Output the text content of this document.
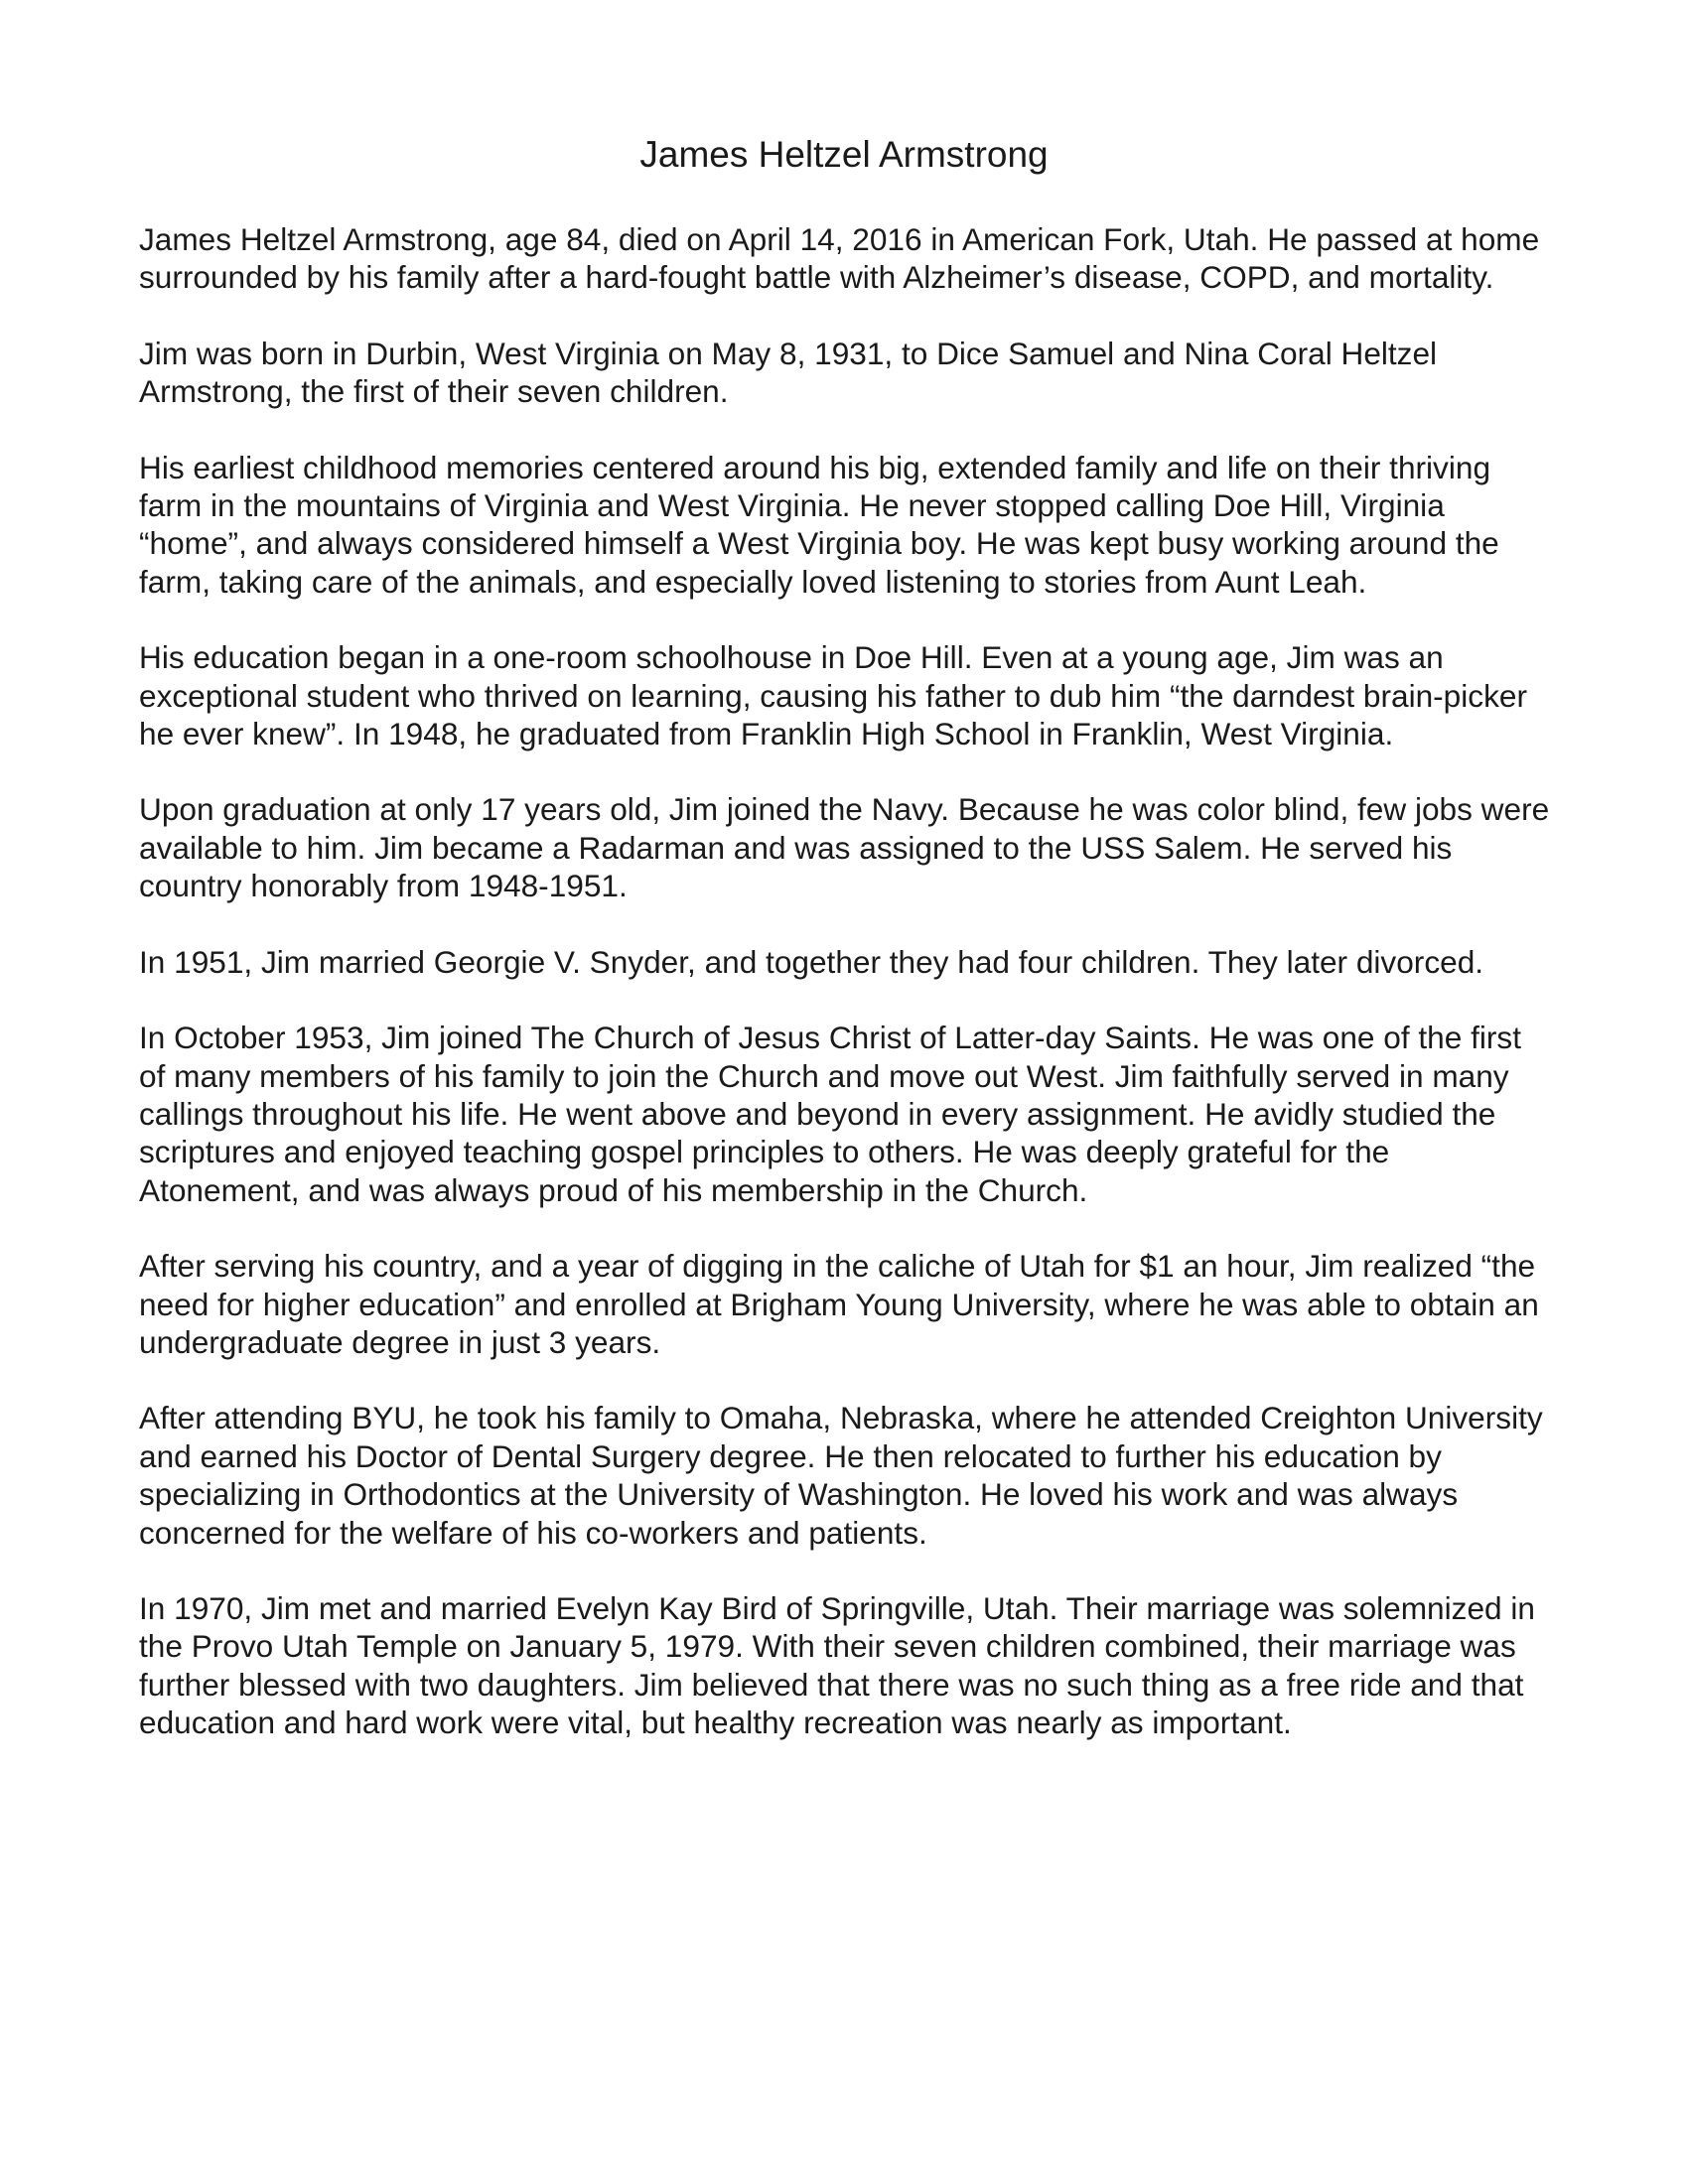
James Heltzel Armstrong

James Heltzel Armstrong, age 84, died on April 14, 2016 in American Fork, Utah. He passed at home surrounded by his family after a hard-fought battle with Alzheimer’s disease, COPD, and mortality.

Jim was born in Durbin, West Virginia on May 8, 1931, to Dice Samuel and Nina Coral Heltzel Armstrong, the first of their seven children.

His earliest childhood memories centered around his big, extended family and life on their thriving farm in the mountains of Virginia and West Virginia. He never stopped calling Doe Hill, Virginia “home”, and always considered himself a West Virginia boy. He was kept busy working around the farm, taking care of the animals, and especially loved listening to stories from Aunt Leah.

His education began in a one-room schoolhouse in Doe Hill. Even at a young age, Jim was an exceptional student who thrived on learning, causing his father to dub him “the darndest brain-picker he ever knew”. In 1948, he graduated from Franklin High School in Franklin, West Virginia.

Upon graduation at only 17 years old, Jim joined the Navy. Because he was color blind, few jobs were available to him. Jim became a Radarman and was assigned to the USS Salem. He served his country honorably from 1948-1951.

In 1951, Jim married Georgie V. Snyder, and together they had four children. They later divorced.

In October 1953, Jim joined The Church of Jesus Christ of Latter-day Saints. He was one of the first of many members of his family to join the Church and move out West. Jim faithfully served in many callings throughout his life. He went above and beyond in every assignment. He avidly studied the scriptures and enjoyed teaching gospel principles to others. He was deeply grateful for the Atonement, and was always proud of his membership in the Church.

After serving his country, and a year of digging in the caliche of Utah for $1 an hour, Jim realized “the need for higher education” and enrolled at Brigham Young University, where he was able to obtain an undergraduate degree in just 3 years.

After attending BYU, he took his family to Omaha, Nebraska, where he attended Creighton University and earned his Doctor of Dental Surgery degree. He then relocated to further his education by specializing in Orthodontics at the University of Washington. He loved his work and was always concerned for the welfare of his co-workers and patients.

In 1970, Jim met and married Evelyn Kay Bird of Springville, Utah. Their marriage was solemnized in the Provo Utah Temple on January 5, 1979. With their seven children combined, their marriage was further blessed with two daughters. Jim believed that there was no such thing as a free ride and that education and hard work were vital, but healthy recreation was nearly as important.
